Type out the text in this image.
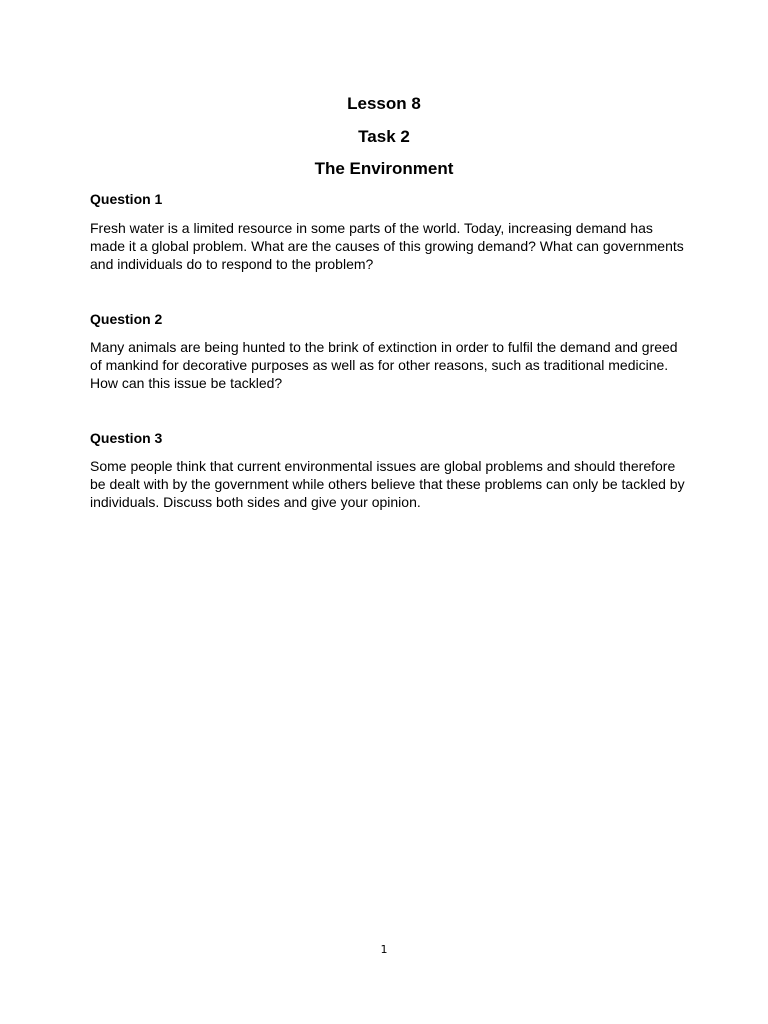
Lesson 8
Task 2
The Environment
Question 1

Fresh water is a limited resource in some parts of the world. Today, increasing demand has made it a global problem. What are the causes of this growing demand? What can governments and individuals do to respond to the problem?

Question 2

Many animals are being hunted to the brink of extinction in order to fulfil the demand and greed of mankind for decorative purposes as well as for other reasons, such as traditional medicine. How can this issue be tackled?

Question 3

Some people think that current environmental issues are global problems and should therefore be dealt with by the government while others believe that these problems can only be tackled by individuals. Discuss both sides and give your opinion.

1
